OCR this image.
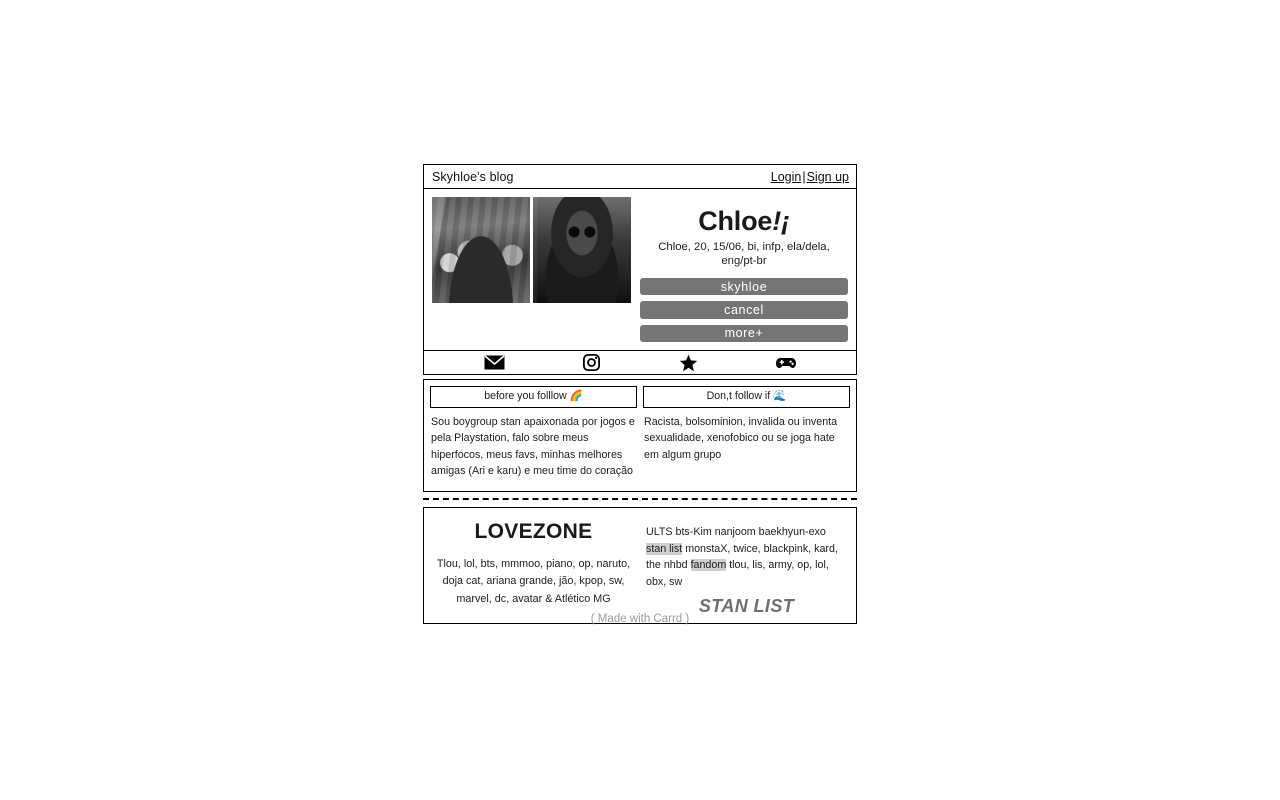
Skyhloe's blog	Login|Sign up
Chloe!¡
Chloe, 20, 15/06, bi, infp, ela/dela, eng/pt-br
skyhloe
cancel
more+
before you folllow 🌈
Sou boygroup stan apaixonada por jogos e pela Playstation, falo sobre meus hiperfocos, meus favs, minhas melhores amigas (Ari e karu) e meu time do coração
Don,t follow if 🌊
Racista, bolsominion, invalida ou inventa sexualidade, xenofobico ou se joga hate em algum grupo
LOVEZONE
Tlou, lol, bts, mmmoo, piano, op, naruto, doja cat, ariana grande, jão, kpop, sw, marvel, dc, avatar & Atlético MG
ULTS bts-Kim nanjoom baekhyun-exo stan list monstaX, twice, blackpink, kard, the nhbd fandom tlou, lis, army, op, lol, obx, sw
STAN LIST
( Made with Carrd )
